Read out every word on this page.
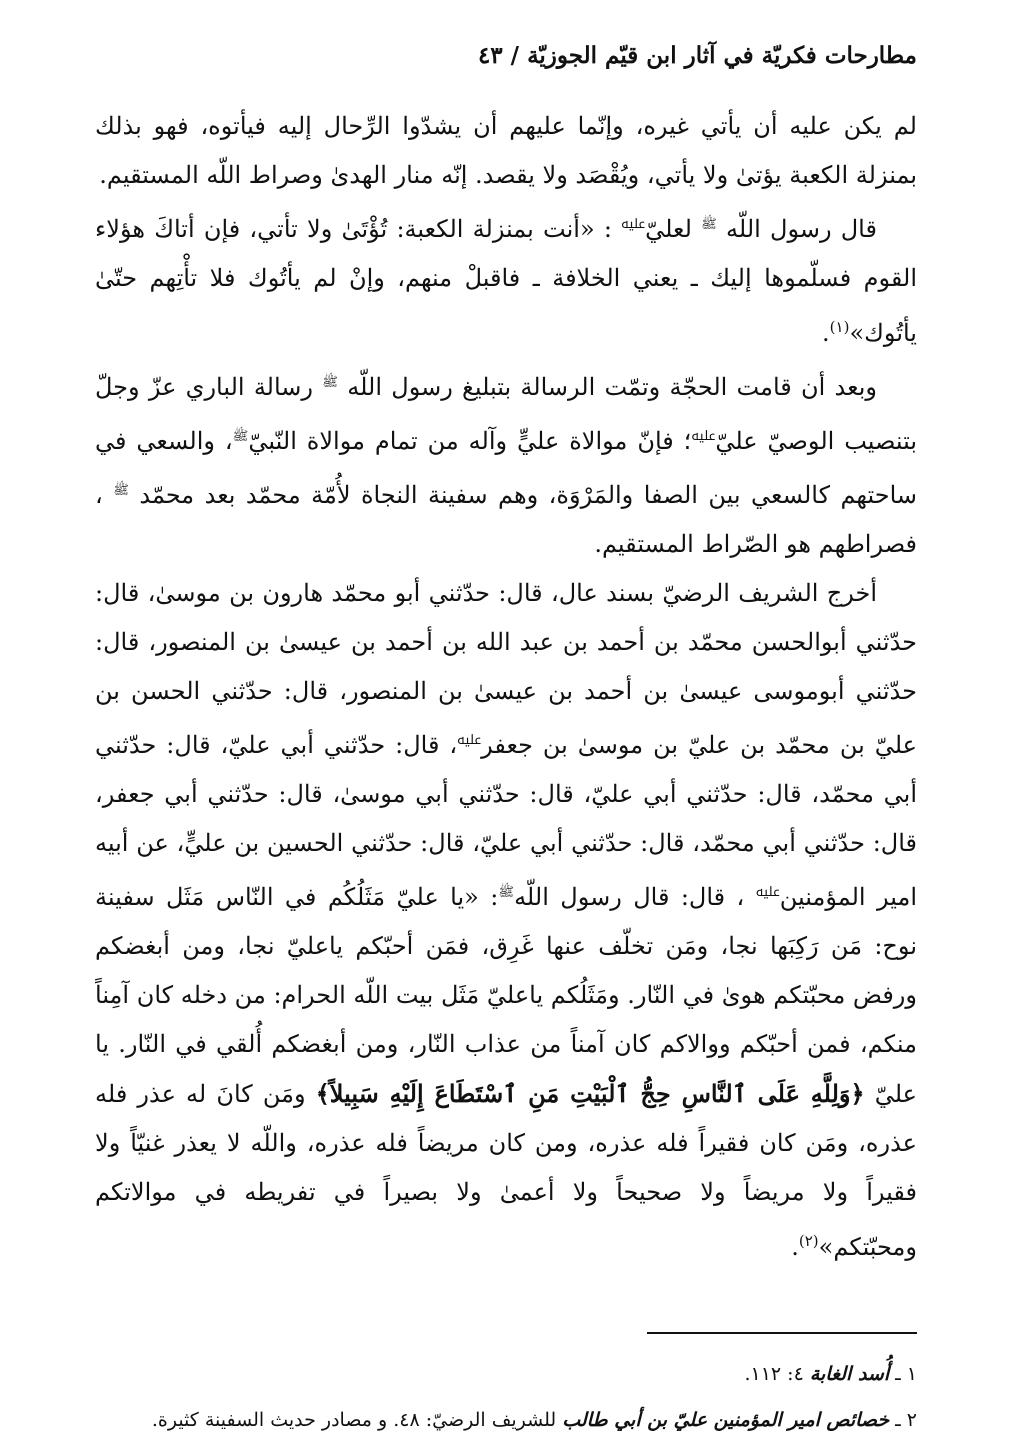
مطارحات فكريّة في آثار ابن قيّم الجوزيّة / ٤٣

لم يكن عليه أن يأتي غيره، وإنّما عليهم أن يشدّوا الرِّحال إليه فيأتوه، فهو بذلك بمنزلة الكعبة يؤتىٰ ولا يأتي، ويُقْصَد ولا يقصد. إنّه منار الهدىٰ وصراط اللّه المستقيم.

قال رسول اللّه $^ﷺ$ لعليّ$^ﷷ$ : «أنت بمنزلة الكعبة: تُؤْتَىٰ ولا تأتي، فإن أتاكَ هؤلاء القوم فسلّموها إليك ـ يعني الخلافة ـ فاقبلْ منهم، وإنْ لم يأتُوك فلا تأْتِهم حتّىٰ يأتُوك»$^{(١)}$.

وبعد أن قامت الحجّة وتمّت الرسالة بتبليغ رسول اللّه $^ﷺ$ رسالة الباري عزّ وجلّ بتنصيب الوصيّ عليّ$^ﷷ$؛ فإنّ موالاة عليٍّ وآله من تمام موالاة النّبيّ$^ﷺ$، والسعي في ساحتهم كالسعي بين الصفا والمَرْوَة، وهم سفينة النجاة لأُمّة محمّد بعد محمّد $^ﷺ$ ، فصراطهم هو الصّراط المستقيم.

أخرج الشريف الرضيّ بسند عال، قال: حدّثني أبو محمّد هارون بن موسىٰ، قال: حدّثني أبوالحسن محمّد بن أحمد بن عبد الله بن أحمد بن عيسىٰ بن المنصور، قال: حدّثني أبوموسى عيسىٰ بن أحمد بن عيسىٰ بن المنصور، قال: حدّثني الحسن بن عليّ بن محمّد بن عليّ بن موسىٰ بن جعفر$^ﷷ$، قال: حدّثني أبي عليّ، قال: حدّثني أبي محمّد، قال: حدّثني أبي عليّ، قال: حدّثني أبي موسىٰ، قال: حدّثني أبي جعفر، قال: حدّثني أبي محمّد، قال: حدّثني أبي عليّ، قال: حدّثني الحسين بن عليٍّ، عن أبيه امير المؤمنين$^ﷷ$ ، قال: قال رسول اللّه$^ﷺ$: «يا عليّ مَثَلُكُم في النّاس مَثَل سفينة نوح: مَن رَكِبَها نجا، ومَن تخلّف عنها غَرِق، فمَن أحبّكم ياعليّ نجا، ومن أبغضكم ورفض محبّتكم هوىٰ في النّار. ومَثَلُكم ياعليّ مَثَل بيت اللّه الحرام: من دخله كان آمِناً منكم، فمن أحبّكم ووالاكم كان آمناً من عذاب النّار، ومن أبغضكم أُلقي في النّار. يا عليّ ﴿وَلِلَّهِ عَلَى ٱلنَّاسِ حِجُّ ٱلْبَيْتِ مَنِ ٱسْتَطَاعَ إِلَيْهِ سَبِيلاً﴾ ومَن كانَ له عذر فله عذره، ومَن كان فقيراً فله عذره، ومن كان مريضاً فله عذره، واللّه لا يعذر غنيّاً ولا فقيراً ولا مريضاً ولا صحيحاً ولا أعمىٰ ولا بصيراً في تفريطه في موالاتكم ومحبّتكم»$^{(٢)}$.

١ ـ أُسد الغابة ٤: ١١٢.

٢ ـ خصائص امير المؤمنين عليّ بن أبي طالب للشريف الرضيّ: ٤٨. و مصادر حديث السفينة كثيرة.
